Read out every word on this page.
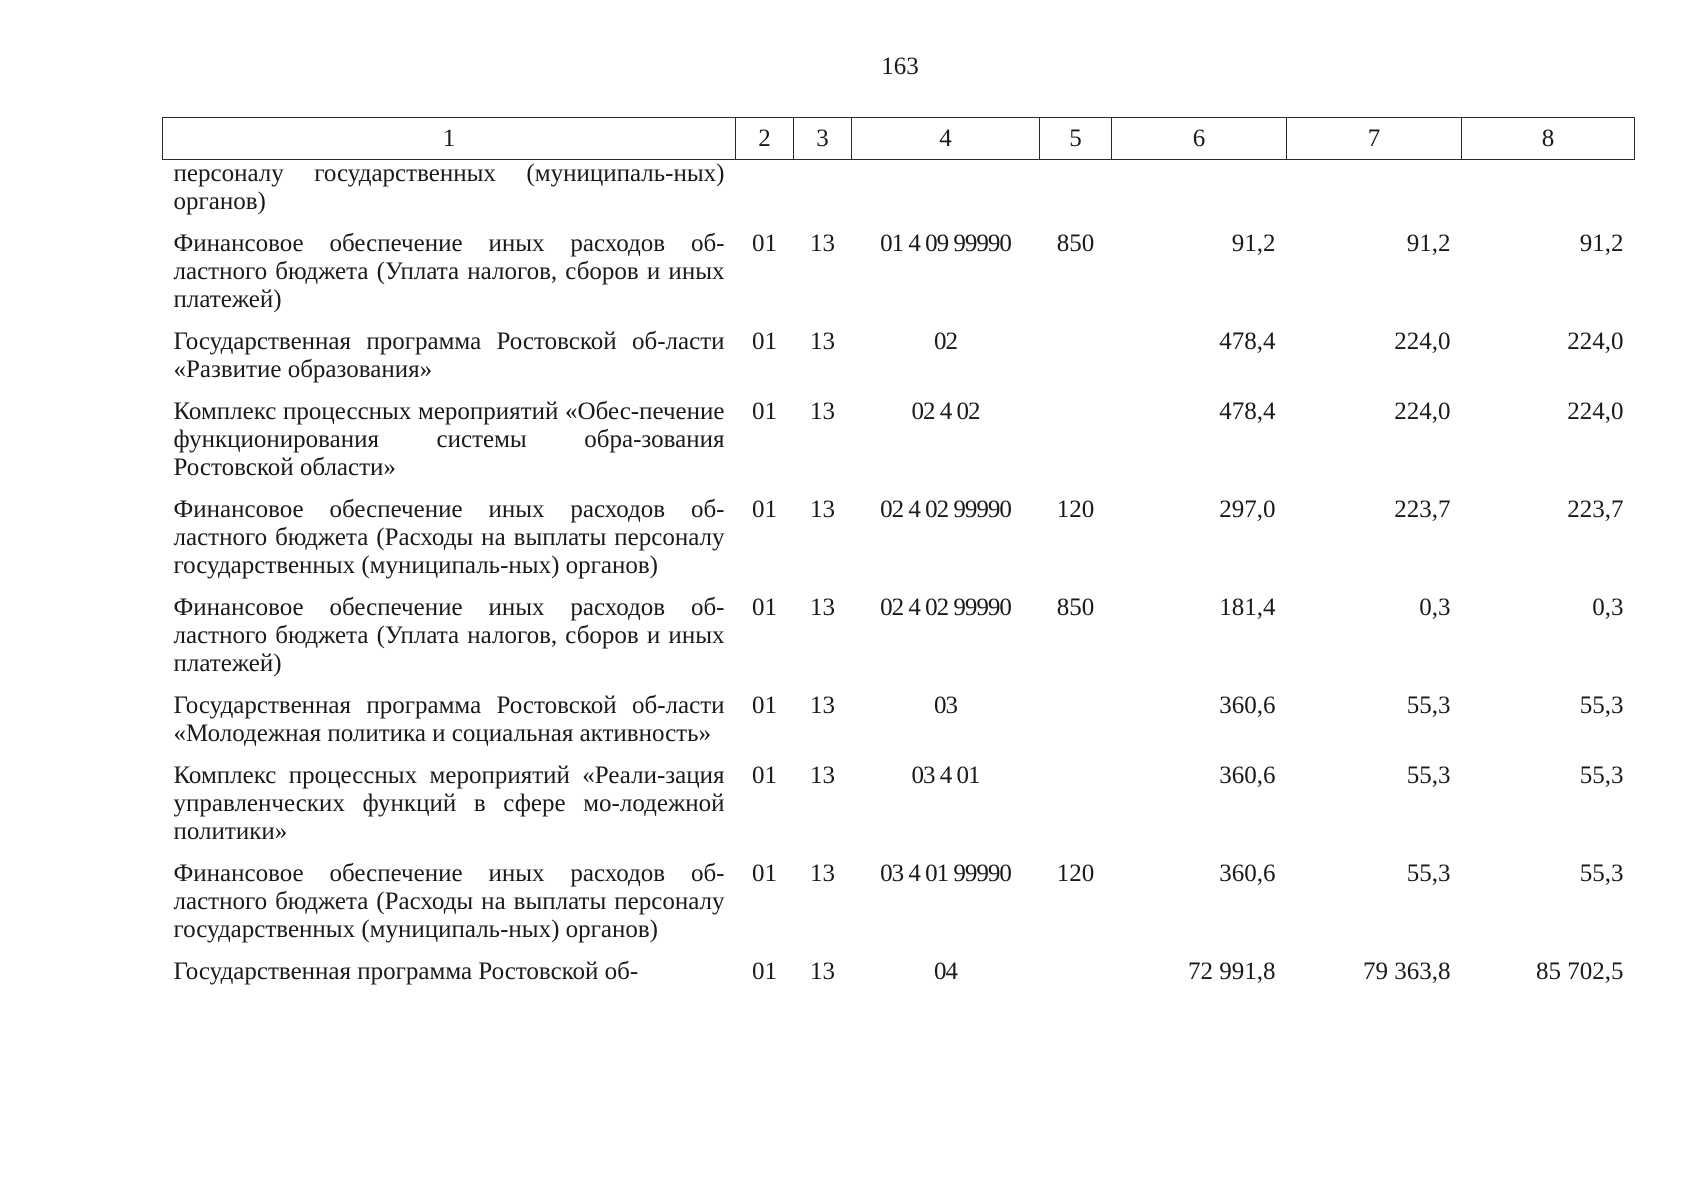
163
1	2	3	4	5	6	7	8
персоналу государственных (муниципаль-ных) органов)							
Финансовое обеспечение иных расходов об-ластного бюджета (Уплата налогов, сборов и иных платежей)	01	13	01 4 09 99990	850	91,2	91,2	91,2
Государственная программа Ростовской об-ласти «Развитие образования»	01	13	02		478,4	224,0	224,0
Комплекс процессных мероприятий «Обес-печение функционирования системы обра-зования Ростовской области»	01	13	02 4 02		478,4	224,0	224,0
Финансовое обеспечение иных расходов об-ластного бюджета (Расходы на выплаты персоналу государственных (муниципаль-ных) органов)	01	13	02 4 02 99990	120	297,0	223,7	223,7
Финансовое обеспечение иных расходов об-ластного бюджета (Уплата налогов, сборов и иных платежей)	01	13	02 4 02 99990	850	181,4	0,3	0,3
Государственная программа Ростовской об-ласти «Молодежная политика и социальная активность»	01	13	03		360,6	55,3	55,3
Комплекс процессных мероприятий «Реали-зация управленческих функций в сфере мо-лодежной политики»	01	13	03 4 01		360,6	55,3	55,3
Финансовое обеспечение иных расходов об-ластного бюджета (Расходы на выплаты персоналу государственных (муниципаль-ных) органов)	01	13	03 4 01 99990	120	360,6	55,3	55,3
Государственная программа Ростовской об-	01	13	04		72 991,8	79 363,8	85 702,5
